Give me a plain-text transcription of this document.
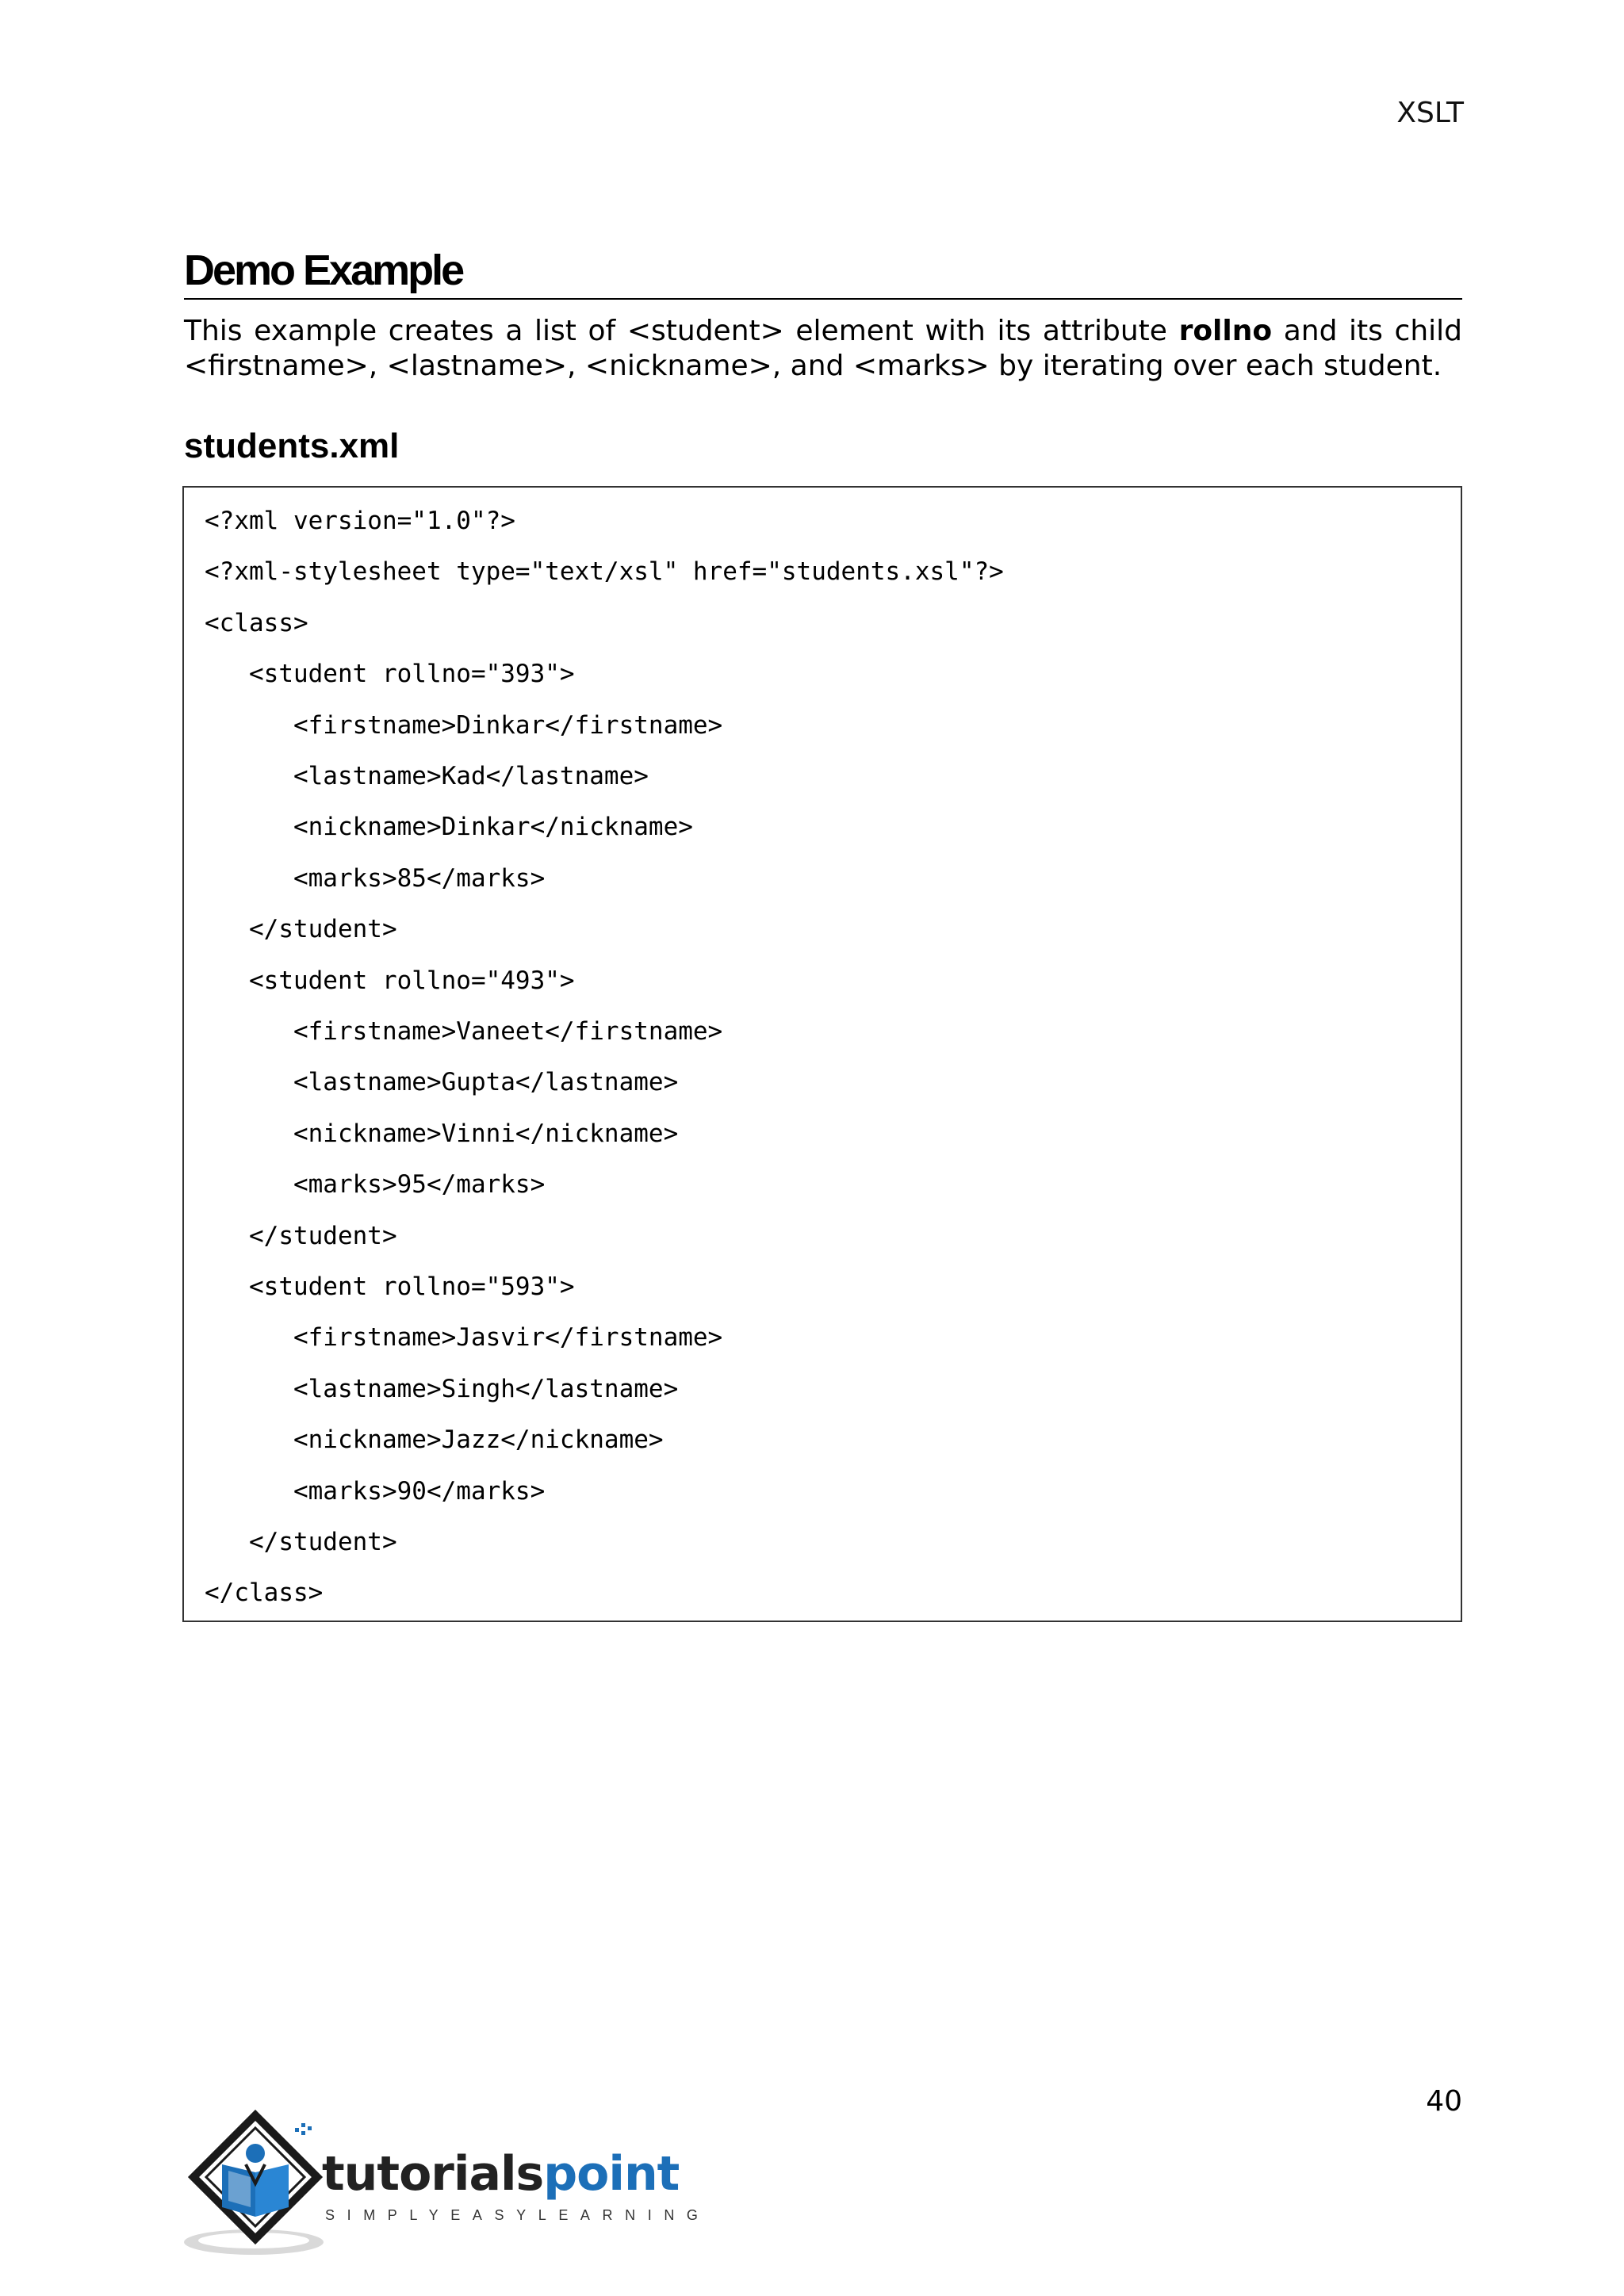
XSLT
Demo Example
This example creates a list of <student> element with its attribute rollno and its child <firstname>, <lastname>, <nickname>, and <marks> by iterating over each student.
students.xml
<?xml version="1.0"?>
<?xml-stylesheet type="text/xsl" href="students.xsl"?>
<class>
<student rollno="393">
<firstname>Dinkar</firstname>
<lastname>Kad</lastname>
<nickname>Dinkar</nickname>
<marks>85</marks>
</student>
<student rollno="493">
<firstname>Vaneet</firstname>
<lastname>Gupta</lastname>
<nickname>Vinni</nickname>
<marks>95</marks>
</student>
<student rollno="593">
<firstname>Jasvir</firstname>
<lastname>Singh</lastname>
<nickname>Jazz</nickname>
<marks>90</marks>
</student>
</class>
40
tutorialspoint
SIMPLYEASYLEARNING
